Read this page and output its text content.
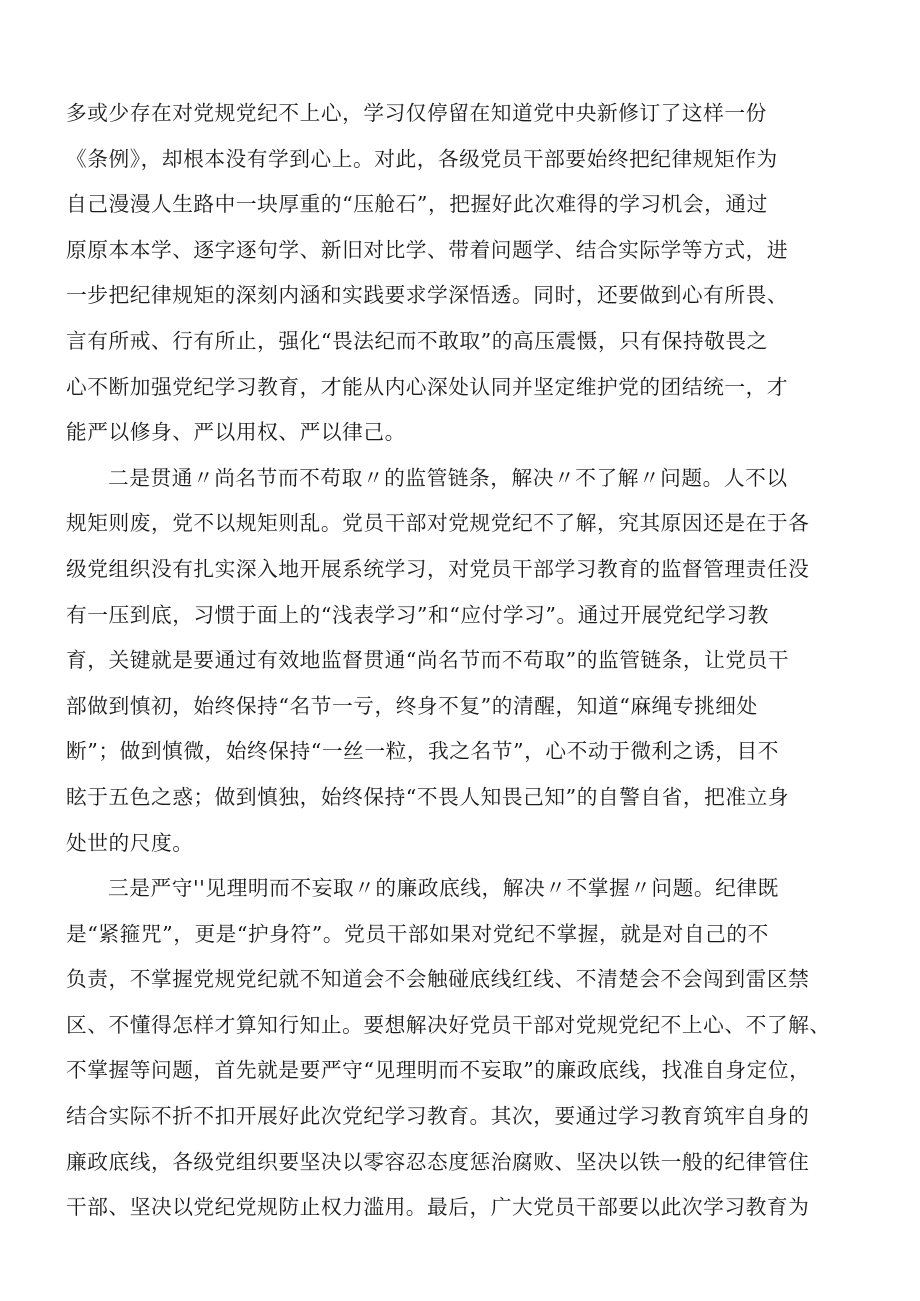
多或少存在对党规党纪不上心，学习仅停留在知道党中央新修订了这样一份
《条例》，却根本没有学到心上。对此，各级党员干部要始终把纪律规矩作为
自己漫漫人生路中一块厚重的“压舱石”，把握好此次难得的学习机会，通过
原原本本学、逐字逐句学、新旧对比学、带着问题学、结合实际学等方式，进
一步把纪律规矩的深刻内涵和实践要求学深悟透。同时，还要做到心有所畏、
言有所戒、行有所止，强化“畏法纪而不敢取”的高压震慑，只有保持敬畏之
心不断加强党纪学习教育，才能从内心深处认同并坚定维护党的团结统一，才
能严以修身、严以用权、严以律己。
二是贯通〃尚名节而不苟取〃的监管链条，解决〃不了解〃问题。人不以
规矩则废，党不以规矩则乱。党员干部对党规党纪不了解，究其原因还是在于各
级党组织没有扎实深入地开展系统学习，对党员干部学习教育的监督管理责任没
有一压到底，习惯于面上的“浅表学习”和“应付学习”。通过开展党纪学习教
育，关键就是要通过有效地监督贯通“尚名节而不苟取”的监管链条，让党员干
部做到慎初，始终保持“名节一亏，终身不复”的清醒，知道“麻绳专挑细处
断”；做到慎微，始终保持“一丝一粒，我之名节”，心不动于微利之诱，目不
眩于五色之惑；做到慎独，始终保持“不畏人知畏己知”的自警自省，把准立身
处世的尺度。
三是严守''见理明而不妄取〃的廉政底线，解决〃不掌握〃问题。纪律既
是“紧箍咒”，更是“护身符”。党员干部如果对党纪不掌握，就是对自己的不
负责，不掌握党规党纪就不知道会不会触碰底线红线、不清楚会不会闯到雷区禁
区、不懂得怎样才算知行知止。要想解决好党员干部对党规党纪不上心、不了解、
不掌握等问题，首先就是要严守“见理明而不妄取”的廉政底线，找准自身定位，
结合实际不折不扣开展好此次党纪学习教育。其次，要通过学习教育筑牢自身的
廉政底线，各级党组织要坚决以零容忍态度惩治腐败、坚决以铁一般的纪律管住
干部、坚决以党纪党规防止权力滥用。最后，广大党员干部要以此次学习教育为
